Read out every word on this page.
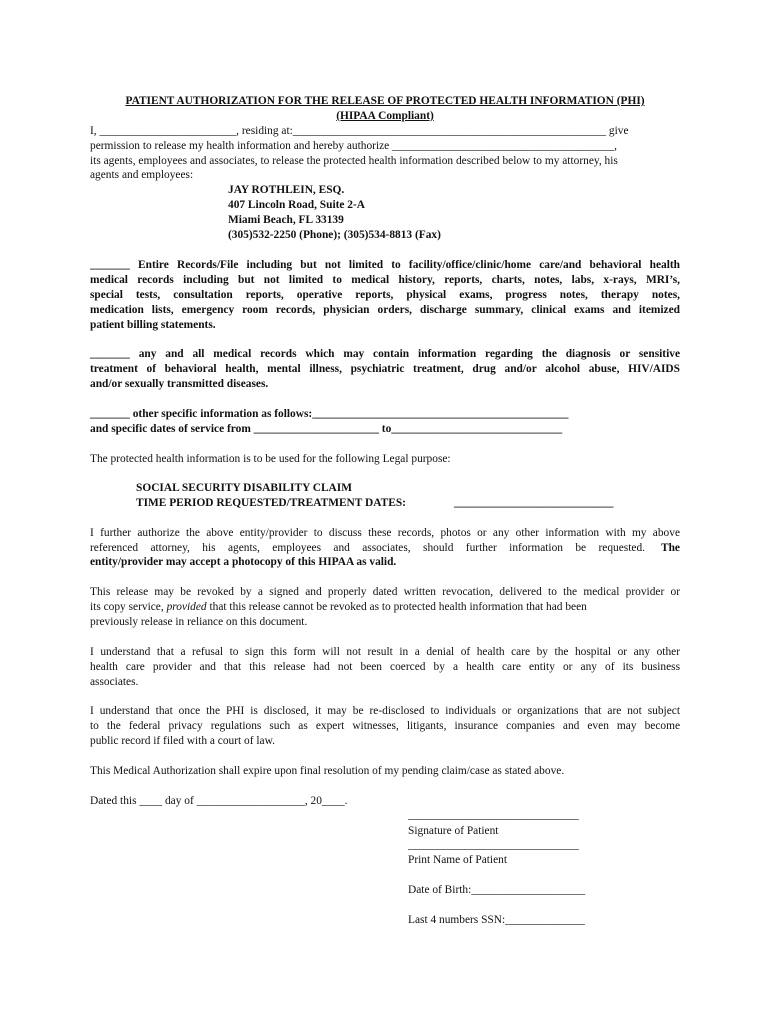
PATIENT AUTHORIZATION FOR THE RELEASE OF PROTECTED HEALTH INFORMATION (PHI)
(HIPAA Compliant)
I, ________________________, residing at:_______________________________________________________ give
permission to release my health information and hereby authorize _______________________________________,
its agents, employees and associates, to release the protected health information described below to my attorney, his
agents and employees:
JAY ROTHLEIN, ESQ.
407 Lincoln Road, Suite 2-A
Miami Beach, FL 33139
(305)532-2250 (Phone); (305)534-8813 (Fax)
_______ Entire Records/File including but not limited to facility/office/clinic/home care/and behavioral health
medical records including but not limited to medical history, reports, charts, notes, labs, x-rays, MRI’s,
special tests, consultation reports, operative reports, physical exams, progress notes, therapy notes,
medication lists, emergency room records, physician orders, discharge summary, clinical exams and itemized
patient billing statements.
_______ any and all medical records which may contain information regarding the diagnosis or sensitive
treatment of behavioral health, mental illness, psychiatric treatment, drug and/or alcohol abuse, HIV/AIDS
and/or sexually transmitted diseases.
_______ other specific information as follows:_____________________________________________
and specific dates of service from ______________________ to______________________________
The protected health information is to be used for the following Legal purpose:
SOCIAL SECURITY DISABILITY CLAIM
TIME PERIOD REQUESTED/TREATMENT DATES:	____________________________
I further authorize the above entity/provider to discuss these records, photos or any other information with my above
referenced attorney, his agents, employees and associates, should further information be requested. The
entity/provider may accept a photocopy of this HIPAA as valid.
This release may be revoked by a signed and properly dated written revocation, delivered to the medical provider or
its copy service, provided that this release cannot be revoked as to protected health information that had been
previously release in reliance on this document.
I understand that a refusal to sign this form will not result in a denial of health care by the hospital or any other
health care provider and that this release had not been coerced by a health care entity or any of its business
associates.
I understand that once the PHI is disclosed, it may be re-disclosed to individuals or organizations that are not subject
to the federal privacy regulations such as expert witnesses, litigants, insurance companies and even may become
public record if filed with a court of law.
This Medical Authorization shall expire upon final resolution of my pending claim/case as stated above.
Dated this ____ day of ___________________, 20____.
______________________________
Signature of Patient
______________________________
Print Name of Patient
Date of Birth:____________________
Last 4 numbers SSN:______________
